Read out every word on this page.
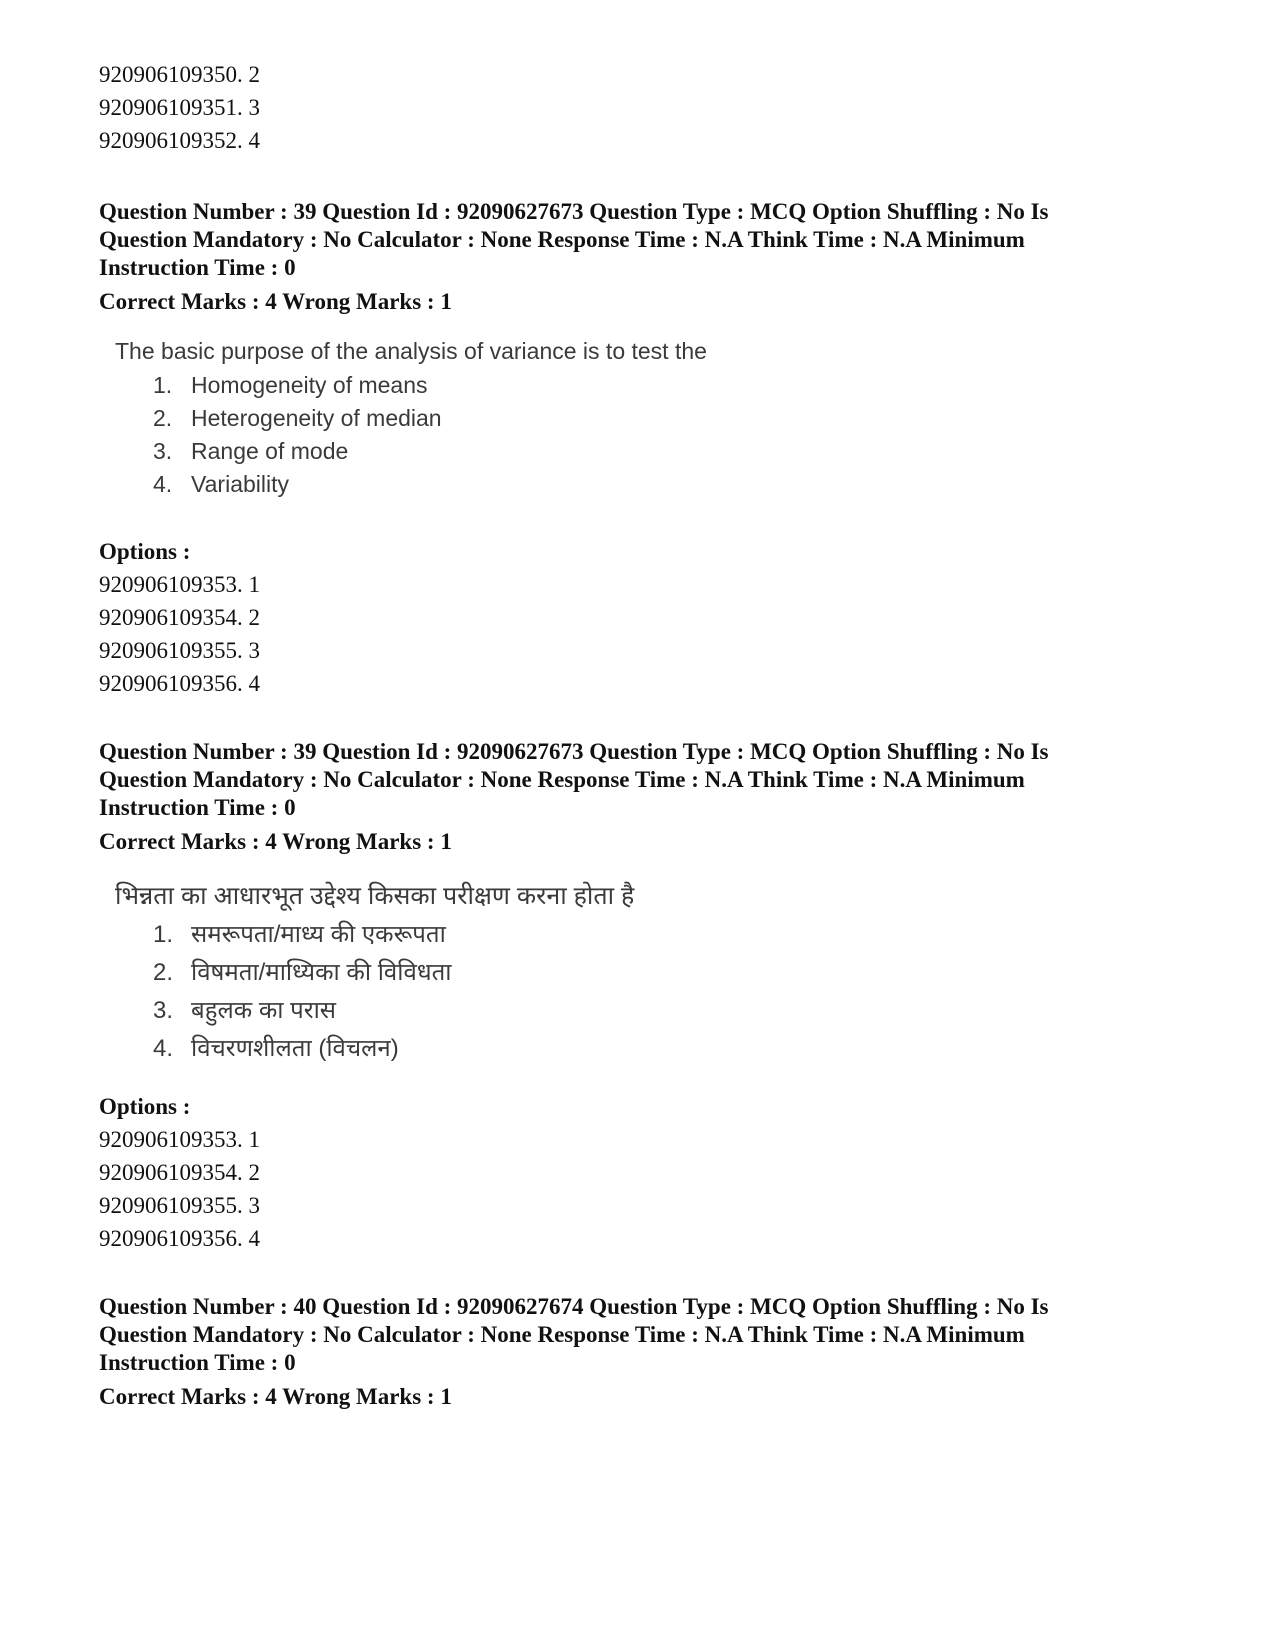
920906109350. 2
920906109351. 3
920906109352. 4
Question Number : 39 Question Id : 92090627673 Question Type : MCQ Option Shuffling : No Is
Question Mandatory : No Calculator : None Response Time : N.A Think Time : N.A Minimum
Instruction Time : 0
Correct Marks : 4 Wrong Marks : 1
The basic purpose of the analysis of variance is to test the
1. Homogeneity of means
2. Heterogeneity of median
3. Range of mode
4. Variability
Options :
920906109353. 1
920906109354. 2
920906109355. 3
920906109356. 4
Question Number : 39 Question Id : 92090627673 Question Type : MCQ Option Shuffling : No Is
Question Mandatory : No Calculator : None Response Time : N.A Think Time : N.A Minimum
Instruction Time : 0
Correct Marks : 4 Wrong Marks : 1
भिन्नता का आधारभूत उद्देश्य किसका परीक्षण करना होता है
1. समरूपता/माध्य की एकरूपता
2. विषमता/माध्यिका की विविधता
3. बहुलक का परास
4. विचरणशीलता (विचलन)
Options :
920906109353. 1
920906109354. 2
920906109355. 3
920906109356. 4
Question Number : 40 Question Id : 92090627674 Question Type : MCQ Option Shuffling : No Is
Question Mandatory : No Calculator : None Response Time : N.A Think Time : N.A Minimum
Instruction Time : 0
Correct Marks : 4 Wrong Marks : 1
